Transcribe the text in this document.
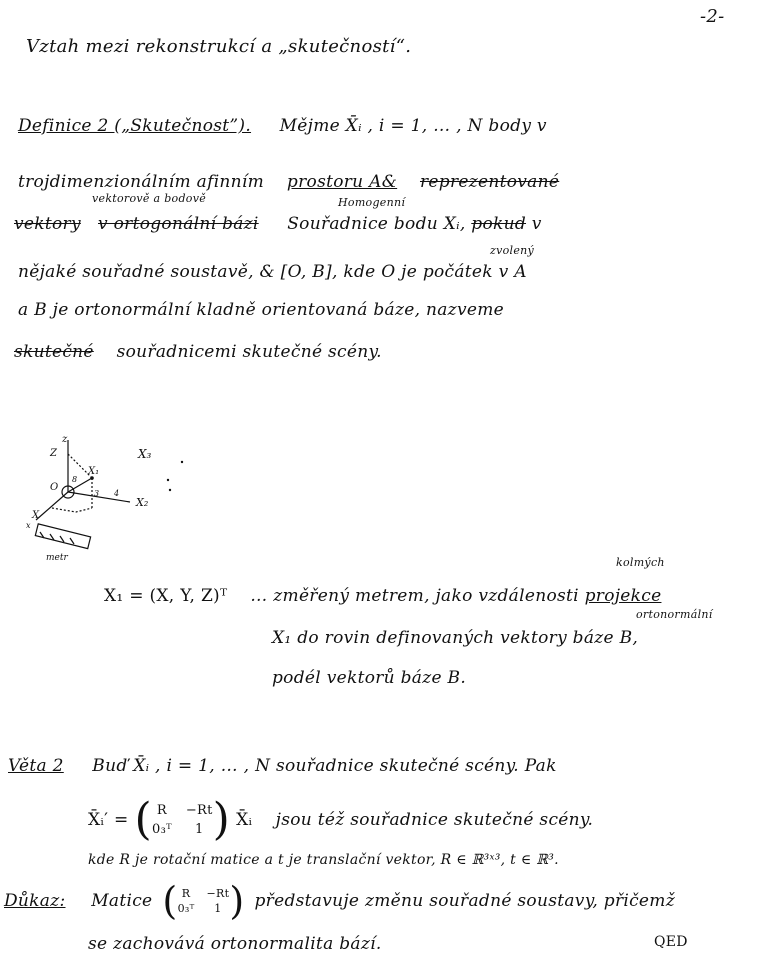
-2-
Vztah mezi rekonstrukcí a „skutečností“.
Definice 2 („Skutečnost”). Mějme X̄ᵢ , i = 1, … , N body v
trojdimenzionálním afinním prostoru A& reprezentované
vektorově a bodově	Homogenní
vektory v ortogonální bázi Souřadnice bodu Xᵢ, pokud v
zvolený
nějaké souřadné soustavě, & [O, B], kde O je počátek v A
a B je ortonormální kladně orientovaná báze, nazveme
skutečné souřadnicemi skutečné scény.
z
Z
X₁
O
8
3 4
X₂
X₃
X
x
metr	kolmých
ortonormální
X₁ = (X, Y, Z)ᵀ … změřený metrem, jako vzdálenosti projekce
X₁ do rovin definovaných vektory báze B,
podél vektorů báze B.
Věta 2 Buď X̄ᵢ , i = 1, … , N souřadnice skutečné scény. Pak
X̄ᵢ′ = ( R	−Rt
0₃ᵀ	1 ) X̄ᵢ
jsou též souřadnice skutečné scény.
kde R je rotační matice a t je translační vektor, R ∈ ℝ³ˣ³, t ∈ ℝ³.
Důkaz:
Matice ( R	−Rt
0₃ᵀ	1 ) představuje změnu souřadné soustavy, přičemž
se zachovává ortonormalita bází.	QED
